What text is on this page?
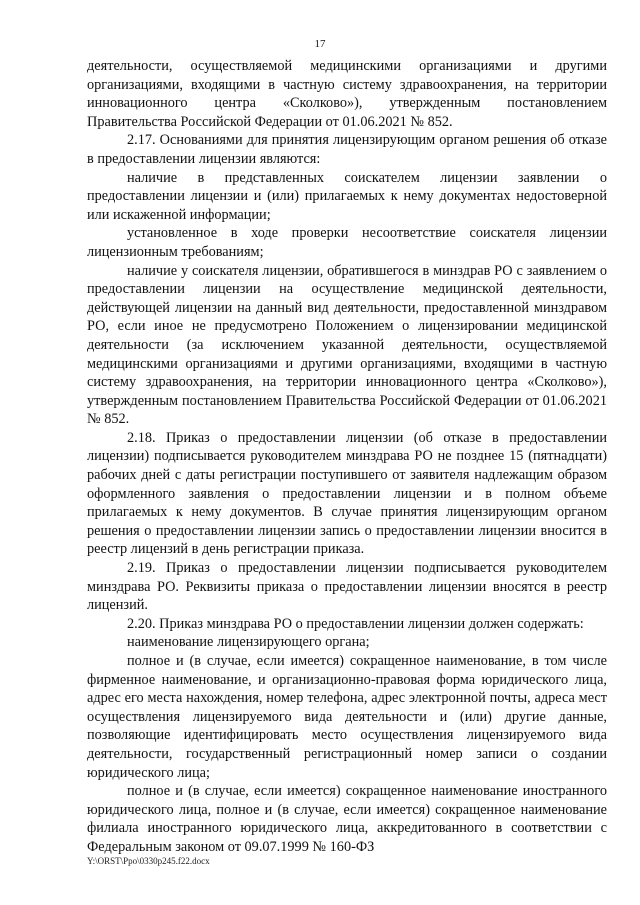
17

деятельности, осуществляемой медицинскими организациями и другими организациями, входящими в частную систему здравоохранения, на территории инновационного центра «Сколково»), утвержденным постановлением Правительства Российской Федерации от 01.06.2021 № 852.

2.17. Основаниями для принятия лицензирующим органом решения об отказе в предоставлении лицензии являются:

наличие в представленных соискателем лицензии заявлении о предоставлении лицензии и (или) прилагаемых к нему документах недостоверной или искаженной информации;

установленное в ходе проверки несоответствие соискателя лицензии лицензионным требованиям;

наличие у соискателя лицензии, обратившегося в минздрав РО с заявлением о предоставлении лицензии на осуществление медицинской деятельности, действующей лицензии на данный вид деятельности, предоставленной минздравом РО, если иное не предусмотрено Положением о лицензировании медицинской деятельности (за исключением указанной деятельности, осуществляемой медицинскими организациями и другими организациями, входящими в частную систему здравоохранения, на территории инновационного центра «Сколково»), утвержденным постановлением Правительства Российской Федерации от 01.06.2021 № 852.

2.18. Приказ о предоставлении лицензии (об отказе в предоставлении лицензии) подписывается руководителем минздрава РО не позднее 15 (пятнадцати) рабочих дней с даты регистрации поступившего от заявителя надлежащим образом оформленного заявления о предоставлении лицензии и в полном объеме прилагаемых к нему документов. В случае принятия лицензирующим органом решения о предоставлении лицензии запись о предоставлении лицензии вносится в реестр лицензий в день регистрации приказа.

2.19. Приказ о предоставлении лицензии подписывается руководителем минздрава РО. Реквизиты приказа о предоставлении лицензии вносятся в реестр лицензий.

2.20. Приказ минздрава РО о предоставлении лицензии должен содержать:

наименование лицензирующего органа;

полное и (в случае, если имеется) сокращенное наименование, в том числе фирменное наименование, и организационно-правовая форма юридического лица, адрес его места нахождения, номер телефона, адрес электронной почты, адреса мест осуществления лицензируемого вида деятельности и (или) другие данные, позволяющие идентифицировать место осуществления лицензируемого вида деятельности, государственный регистрационный номер записи о создании юридического лица;

полное и (в случае, если имеется) сокращенное наименование иностранного юридического лица, полное и (в случае, если имеется) сокращенное наименование филиала иностранного юридического лица, аккредитованного в соответствии с Федеральным законом от 09.07.1999 № 160-ФЗ

Y:\ORST\Ppo\0330p245.f22.docx
